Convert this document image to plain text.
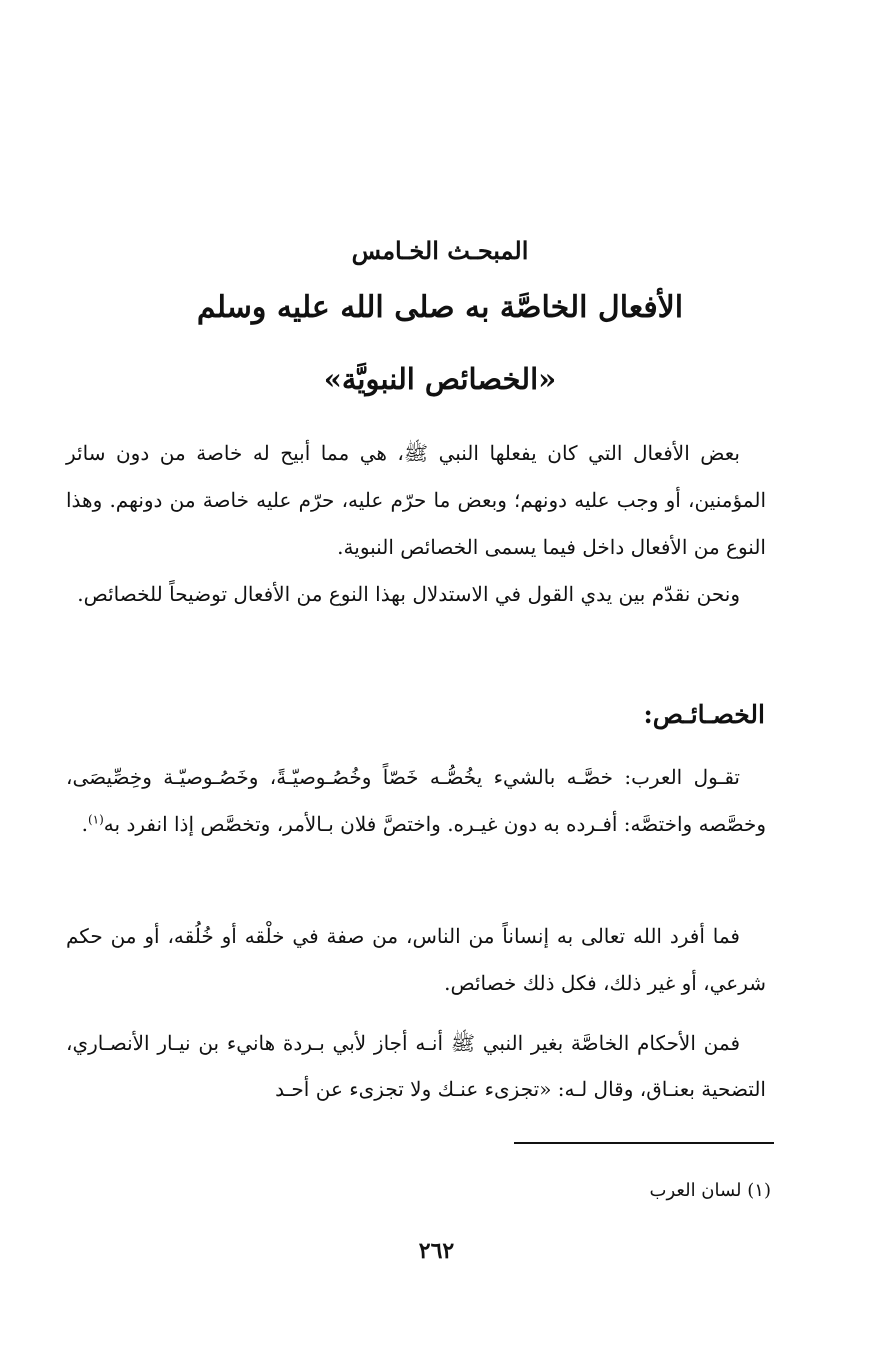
المبحـث الخـامس
الأفعال الخاصَّة به صلى الله عليه وسلم
«الخصائص النبويَّة»

بعض الأفعال التي كان يفعلها النبي ﷺ، هي مما أبيح له خاصة من دون سائر المؤمنين، أو وجب عليه دونهم؛ وبعض ما حرّم عليه، حرّم عليه خاصة من دونهم. وهذا النوع من الأفعال داخل فيما يسمى الخصائص النبوية.

ونحن نقدّم بين يدي القول في الاستدلال بهذا النوع من الأفعال توضيحاً للخصائص.

الخصـائـص:

تقـول العرب: خصَّـه بالشيء يخُصُّـه خَصّاً وخُصُـوصيّـةً، وخَصُـوصيّـة وخِصِّيصَى، وخصَّصه واختصَّه: أفـرده به دون غيـره. واختصَّ فلان بـالأمر، وتخصَّص إذا انفرد به$^{(١)}$.

فما أفرد الله تعالى به إنساناً من الناس، من صفة في خلْقه أو خُلُقه، أو من حكم شرعي، أو غير ذلك، فكل ذلك خصائص.

فمن الأحكام الخاصَّة بغير النبي ﷺ أنـه أجاز لأبي بـردة هانيء بن نيـار الأنصـاري، التضحية بعنـاق، وقال لـه: «تجزىء عنـك ولا تجزىء عن أحـد

(١) لسان العرب
٢٦٢
